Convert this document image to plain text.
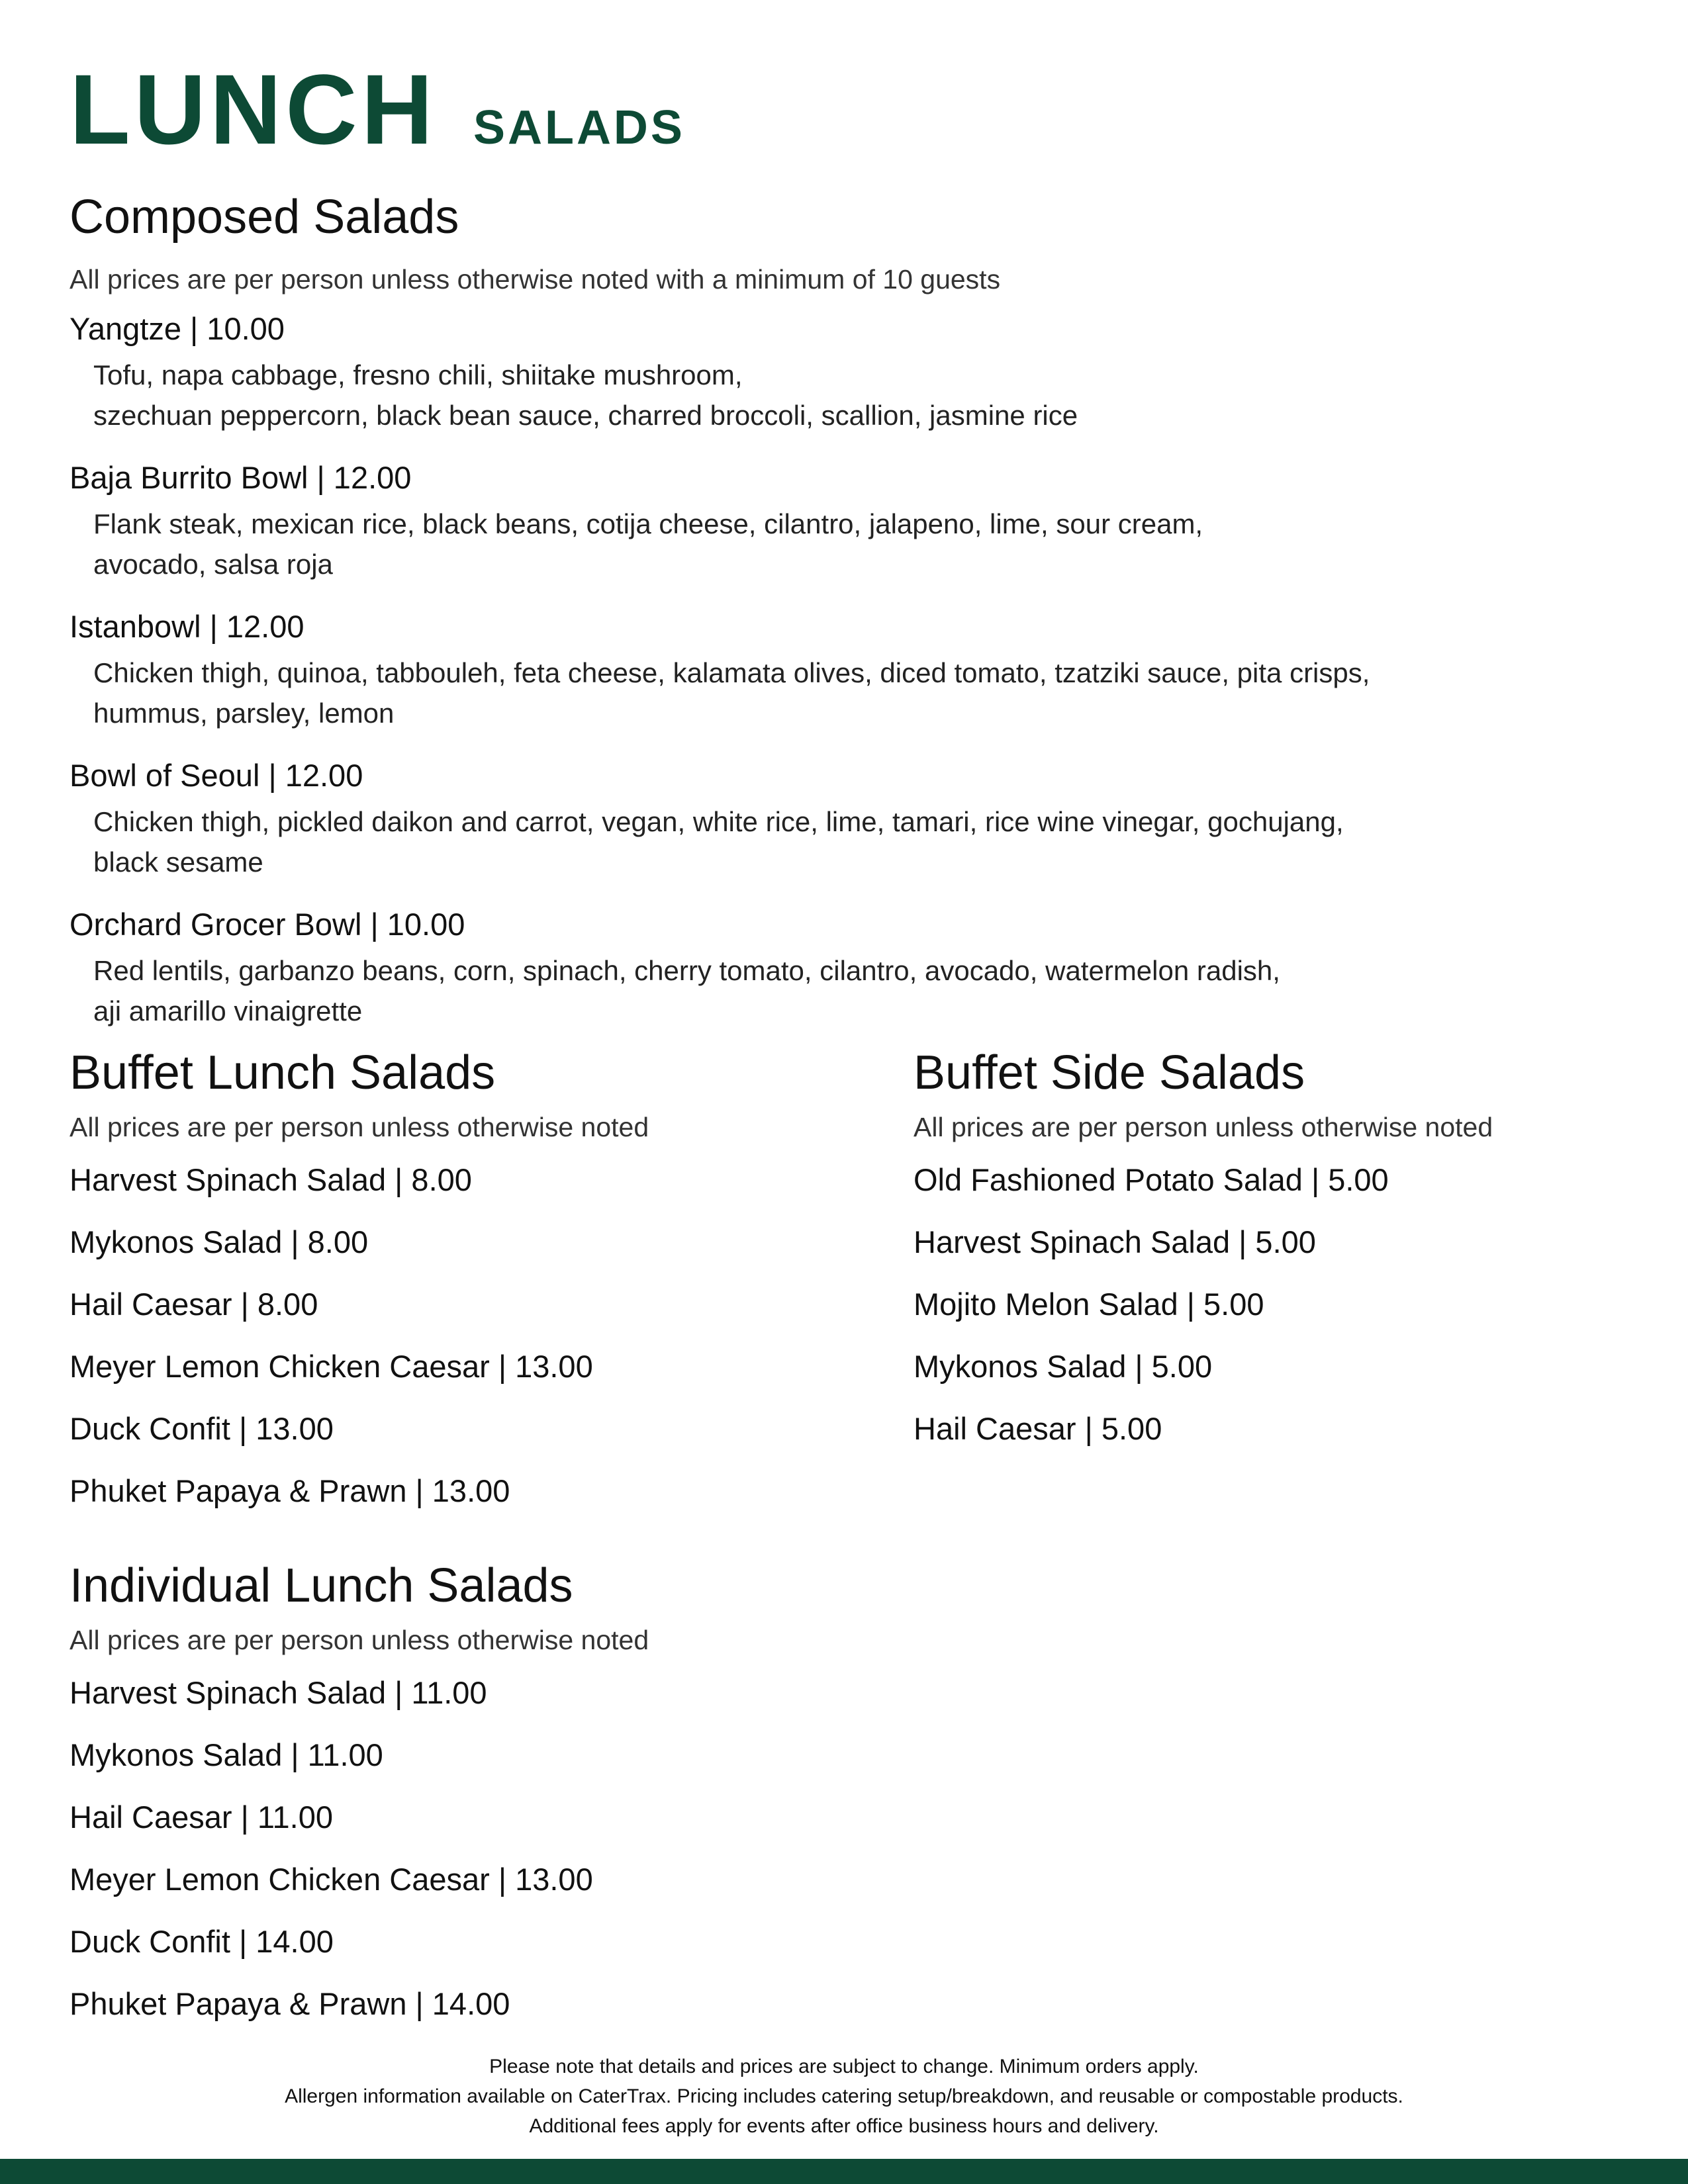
LUNCH SALADS
Composed Salads
All prices are per person unless otherwise noted with a minimum of 10 guests
Yangtze | 10.00
Tofu, napa cabbage, fresno chili, shiitake mushroom,
szechuan peppercorn, black bean sauce, charred broccoli, scallion, jasmine rice
Baja Burrito Bowl | 12.00
Flank steak, mexican rice, black beans, cotija cheese, cilantro, jalapeno, lime, sour cream,
avocado, salsa roja
Istanbowl | 12.00
Chicken thigh, quinoa, tabbouleh, feta cheese, kalamata olives, diced tomato, tzatziki sauce, pita crisps,
hummus, parsley, lemon
Bowl of Seoul | 12.00
Chicken thigh, pickled daikon and carrot, vegan, white rice, lime, tamari, rice wine vinegar, gochujang,
black sesame
Orchard Grocer Bowl | 10.00
Red lentils, garbanzo beans, corn, spinach, cherry tomato, cilantro, avocado, watermelon radish,
aji amarillo vinaigrette
Buffet Lunch Salads
All prices are per person unless otherwise noted
Harvest Spinach Salad | 8.00
Mykonos Salad | 8.00
Hail Caesar | 8.00
Meyer Lemon Chicken Caesar | 13.00
Duck Confit | 13.00
Phuket Papaya & Prawn | 13.00
Buffet Side Salads
All prices are per person unless otherwise noted
Old Fashioned Potato Salad | 5.00
Harvest Spinach Salad | 5.00
Mojito Melon Salad | 5.00
Mykonos Salad | 5.00
Hail Caesar | 5.00
Individual Lunch Salads
All prices are per person unless otherwise noted
Harvest Spinach Salad | 11.00
Mykonos Salad | 11.00
Hail Caesar | 11.00
Meyer Lemon Chicken Caesar | 13.00
Duck Confit | 14.00
Phuket Papaya & Prawn | 14.00
Please note that details and prices are subject to change. Minimum orders apply.
Allergen information available on CaterTrax. Pricing includes catering setup/breakdown, and reusable or compostable products.
Additional fees apply for events after office business hours and delivery.
